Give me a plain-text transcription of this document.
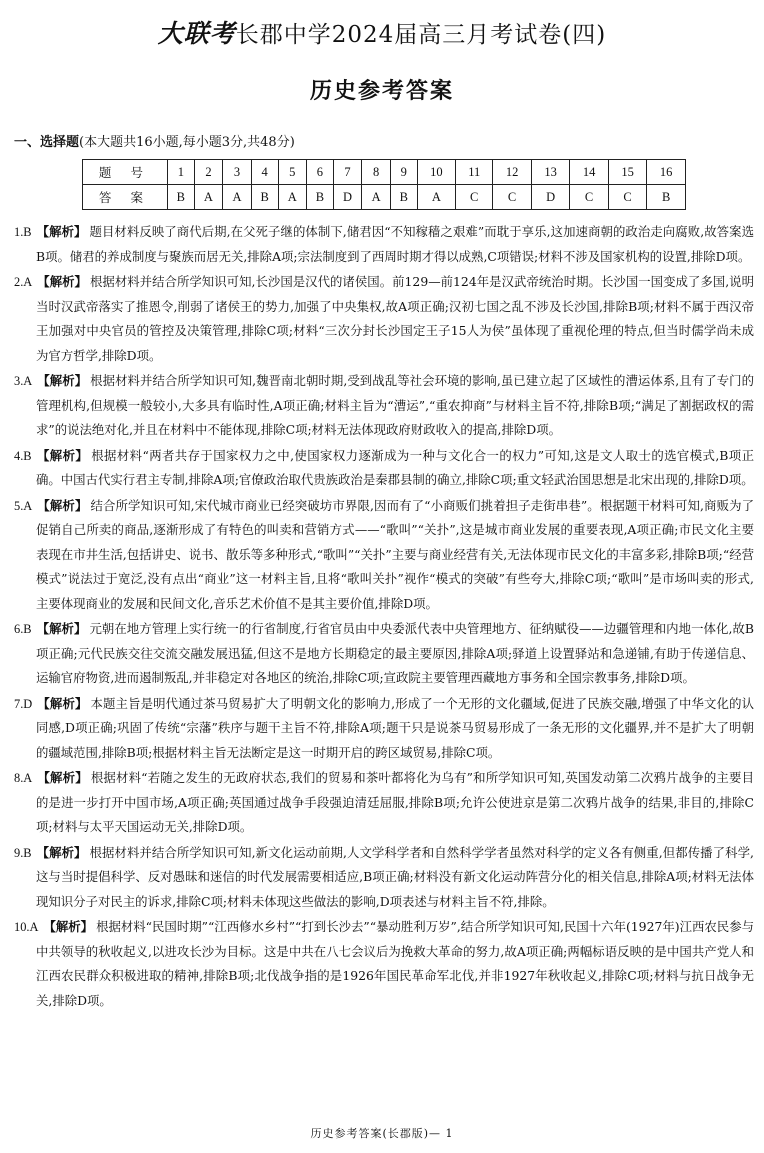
大联考长郡中学2024届高三月考试卷(四)
历史参考答案
一、选择题(本大题共16小题,每小题3分,共48分)
题 号	1	2	3	4	5	6	7	8	9	10	11	12	13	14	15	16
答 案	B	A	A	B	A	B	D	A	B	A	C	C	D	C	C	B
1.B 【解析】 题目材料反映了商代后期,在父死子继的体制下,储君因“不知稼穑之艰难”而耽于享乐,这加速商朝的政治走向腐败,故答案选B项。储君的养成制度与聚族而居无关,排除A项;宗法制度到了西周时期才得以成熟,C项错误;材料不涉及国家机构的设置,排除D项。
2.A 【解析】 根据材料并结合所学知识可知,长沙国是汉代的诸侯国。前129—前124年是汉武帝统治时期。长沙国一国变成了多国,说明当时汉武帝落实了推恩令,削弱了诸侯王的势力,加强了中央集权,故A项正确;汉初七国之乱不涉及长沙国,排除B项;材料不属于西汉帝王加强对中央官员的管控及决策管理,排除C项;材料“三次分封长沙国定王子15人为侯”虽体现了重视伦理的特点,但当时儒学尚未成为官方哲学,排除D项。
3.A 【解析】 根据材料并结合所学知识可知,魏晋南北朝时期,受到战乱等社会环境的影响,虽已建立起了区域性的漕运体系,且有了专门的管理机构,但规模一般较小,大多具有临时性,A项正确;材料主旨为“漕运”,“重农抑商”与材料主旨不符,排除B项;“满足了割据政权的需求”的说法绝对化,并且在材料中不能体现,排除C项;材料无法体现政府财政收入的提高,排除D项。
4.B 【解析】 根据材料“两者共存于国家权力之中,使国家权力逐渐成为一种与文化合一的权力”可知,这是文人取士的选官模式,B项正确。中国古代实行君主专制,排除A项;官僚政治取代贵族政治是秦郡县制的确立,排除C项;重文轻武治国思想是北宋出现的,排除D项。
5.A 【解析】 结合所学知识可知,宋代城市商业已经突破坊市界限,因而有了“小商贩们挑着担子走街串巷”。根据题干材料可知,商贩为了促销自己所卖的商品,逐渐形成了有特色的叫卖和营销方式——“歌叫”“关扑”,这是城市商业发展的重要表现,A项正确;市民文化主要表现在市井生活,包括讲史、说书、散乐等多种形式,“歌叫”“关扑”主要与商业经营有关,无法体现市民文化的丰富多彩,排除B项;“经营模式”说法过于宽泛,没有点出“商业”这一材料主旨,且将“歌叫关扑”视作“模式的突破”有些夸大,排除C项;“歌叫”是市场叫卖的形式,主要体现商业的发展和民间文化,音乐艺术价值不是其主要价值,排除D项。
6.B 【解析】 元朝在地方管理上实行统一的行省制度,行省官员由中央委派代表中央管理地方、征纳赋役——边疆管理和内地一体化,故B项正确;元代民族交往交流交融发展迅猛,但这不是地方长期稳定的最主要原因,排除A项;驿道上设置驿站和急递铺,有助于传递信息、运输官府物资,进而遏制叛乱,并非稳定对各地区的统治,排除C项;宣政院主要管理西藏地方事务和全国宗教事务,排除D项。
7.D 【解析】 本题主旨是明代通过茶马贸易扩大了明朝文化的影响力,形成了一个无形的文化疆域,促进了民族交融,增强了中华文化的认同感,D项正确;巩固了传统“宗藩”秩序与题干主旨不符,排除A项;题干只是说茶马贸易形成了一条无形的文化疆界,并不是扩大了明朝的疆域范围,排除B项;根据材料主旨无法断定是这一时期开启的跨区域贸易,排除C项。
8.A 【解析】 根据材料“若随之发生的无政府状态,我们的贸易和茶叶都将化为乌有”和所学知识可知,英国发动第二次鸦片战争的主要目的是进一步打开中国市场,A项正确;英国通过战争手段强迫清廷屈服,排除B项;允许公使进京是第二次鸦片战争的结果,非目的,排除C项;材料与太平天国运动无关,排除D项。
9.B 【解析】 根据材料并结合所学知识可知,新文化运动前期,人文学科学者和自然科学学者虽然对科学的定义各有侧重,但都传播了科学,这与当时提倡科学、反对愚昧和迷信的时代发展需要相适应,B项正确;材料没有新文化运动阵营分化的相关信息,排除A项;材料无法体现知识分子对民主的诉求,排除C项;材料未体现这些做法的影响,D项表述与材料主旨不符,排除。
10.A 【解析】 根据材料“民国时期”“江西修水乡村”“打到长沙去”“暴动胜利万岁”,结合所学知识可知,民国十六年(1927年)江西农民参与中共领导的秋收起义,以进攻长沙为目标。这是中共在八七会议后为挽救大革命的努力,故A项正确;两幅标语反映的是中国共产党人和江西农民群众积极进取的精神,排除B项;北伐战争指的是1926年国民革命军北伐,并非1927年秋收起义,排除C项;材料与抗日战争无关,排除D项。
历史参考答案(长郡版)— 1
